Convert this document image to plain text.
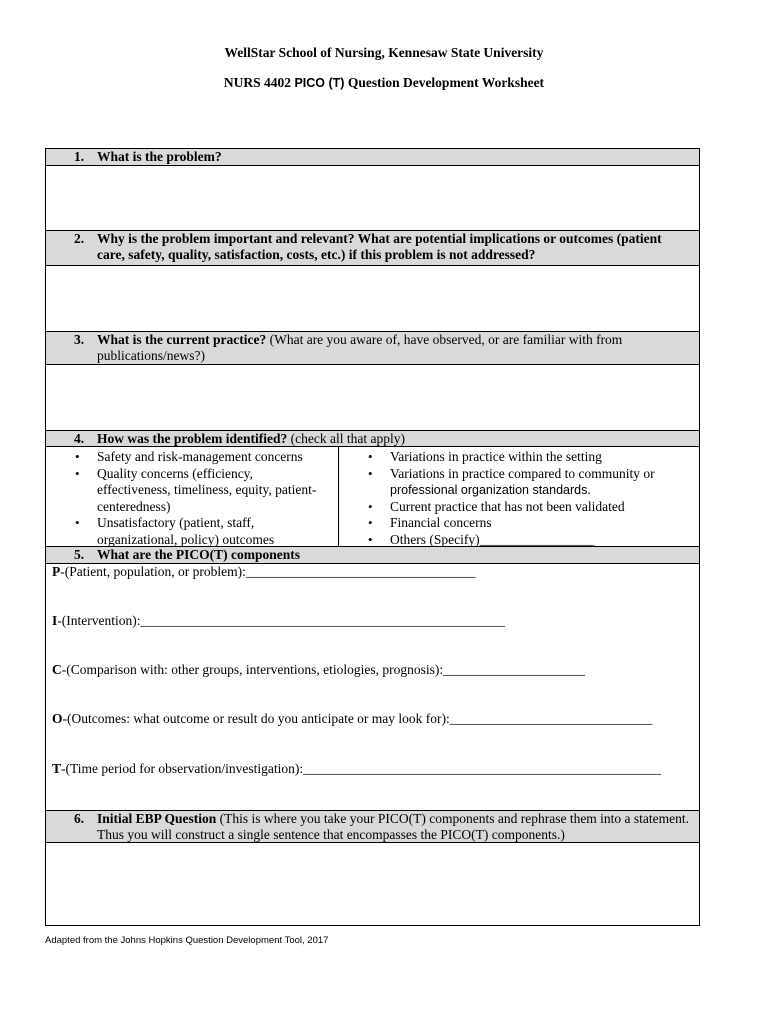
WellStar School of Nursing, Kennesaw State University
NURS 4402 PICO (T) Question Development Worksheet
1. What is the problem?
2. Why is the problem important and relevant? What are potential implications or outcomes (patient care, safety, quality, satisfaction, costs, etc.) if this problem is not addressed?
3. What is the current practice? (What are you aware of, have observed, or are familiar with from publications/news?)
4. How was the problem identified? (check all that apply)
• Safety and risk-management concerns
• Quality concerns (efficiency,
effectiveness, timeliness, equity, patient-
centeredness)
• Unsatisfactory (patient, staff,
organizational, policy) outcomes
• Variations in practice within the setting
• Variations in practice compared to community or
professional organization standards.
• Current practice that has not been validated
• Financial concerns
• Others (Specify)_________________
5. What are the PICO(T) components
P-(Patient, population, or problem):__________________________________
I-(Intervention):______________________________________________________
C-(Comparison with: other groups, interventions, etiologies, prognosis):_____________________
O-(Outcomes: what outcome or result do you anticipate or may look for):______________________________
T-(Time period for observation/investigation):_____________________________________________________
6. Initial EBP Question (This is where you take your PICO(T) components and rephrase them into a statement. Thus you will construct a single sentence that encompasses the PICO(T) components.)
Adapted from the Johns Hopkins Question Development Tool, 2017
